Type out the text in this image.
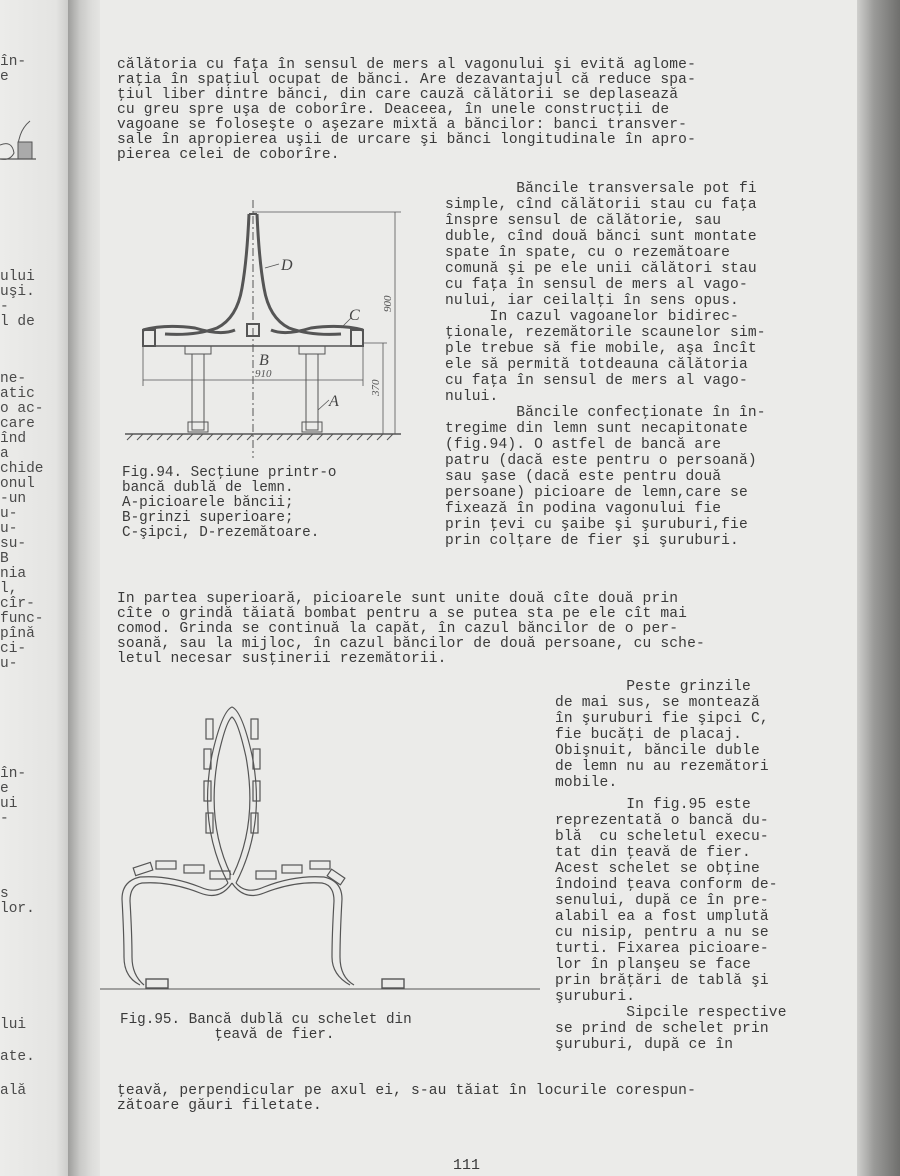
în-
e
ului
uşi.
-
l de
ne-
atic
o ac-
care
înd
a
chide
onul
-un
u-
u-
su-
B
nia
l,
cîr-
func-
pînă
ci-
u-
în-
e
ui
-
s
lor.
lui
ate.
ală
călătoria cu faţa în sensul de mers al vagonului şi evită aglome-
raţia în spaţiul ocupat de bănci. Are dezavantajul că reduce spa-
ţiul liber dintre bănci, din care cauză călătorii se deplasează
cu greu spre uşa de coborîre. Deaceea, în unele construcţii de
vagoane se foloseşte o aşezare mixtă a băncilor: banci transver-
sale în apropierea uşii de urcare şi bănci longitudinale în apro-
pierea celei de coborîre.
Băncile transversale pot fi
simple, cînd călătorii stau cu faţa
înspre sensul de călătorie, sau
duble, cînd două bănci sunt montate
spate în spate, cu o rezemătoare
comună şi pe ele unii călători stau
cu faţa în sensul de mers al vago-
nului, iar ceilalţi în sens opus.
In cazul vagoanelor bidirec-
ţionale, rezemătorile scaunelor sim-
ple trebue să fie mobile, aşa încît
ele să permită totdeauna călătoria
cu faţa în sensul de mers al vago-
nului.
Băncile confecţionate în în-
tregime din lemn sunt necapitonate
(fig.94). O astfel de bancă are
patru (dacă este pentru o persoană)
sau şase (dacă este pentru două
persoane) picioare de lemn,care se
fixează în podina vagonului fie
prin ţevi cu şaibe şi şuruburi,fie
prin colţare de fier şi şuruburi.
D
C
B
A
910
900
370
Fig.94. Secţiune printr-o
bancă dublă de lemn.
A-picioarele băncii;
B-grinzi superioare;
C-şipci, D-rezemătoare.
In partea superioară, picioarele sunt unite două cîte două prin
cîte o grindă tăiată bombat pentru a se putea sta pe ele cît mai
comod. Grinda se continuă la capăt, în cazul băncilor de o per-
soană, sau la mijloc, în cazul băncilor de două persoane, cu sche-
letul necesar susţinerii rezemătorii.
Peste grinzile
de mai sus, se montează
în şuruburi fie şipci C,
fie bucăţi de placaj.
Obişnuit, băncile duble
de lemn nu au rezemători
mobile.
In fig.95 este
reprezentată o bancă du-
blă  cu scheletul execu-
tat din ţeavă de fier.
Acest schelet se obţine
îndoind ţeava conform de-
senului, după ce în pre-
alabil ea a fost umplută
cu nisip, pentru a nu se
turti. Fixarea picioare-
lor în planşeu se face
prin brăţări de tablă şi
şuruburi.
Sipcile respective
se prind de schelet prin
şuruburi, după ce în
Fig.95. Bancă dublă cu schelet din
ţeavă de fier.
ţeavă, perpendicular pe axul ei, s-au tăiat în locurile corespun-
zătoare găuri filetate.
111
